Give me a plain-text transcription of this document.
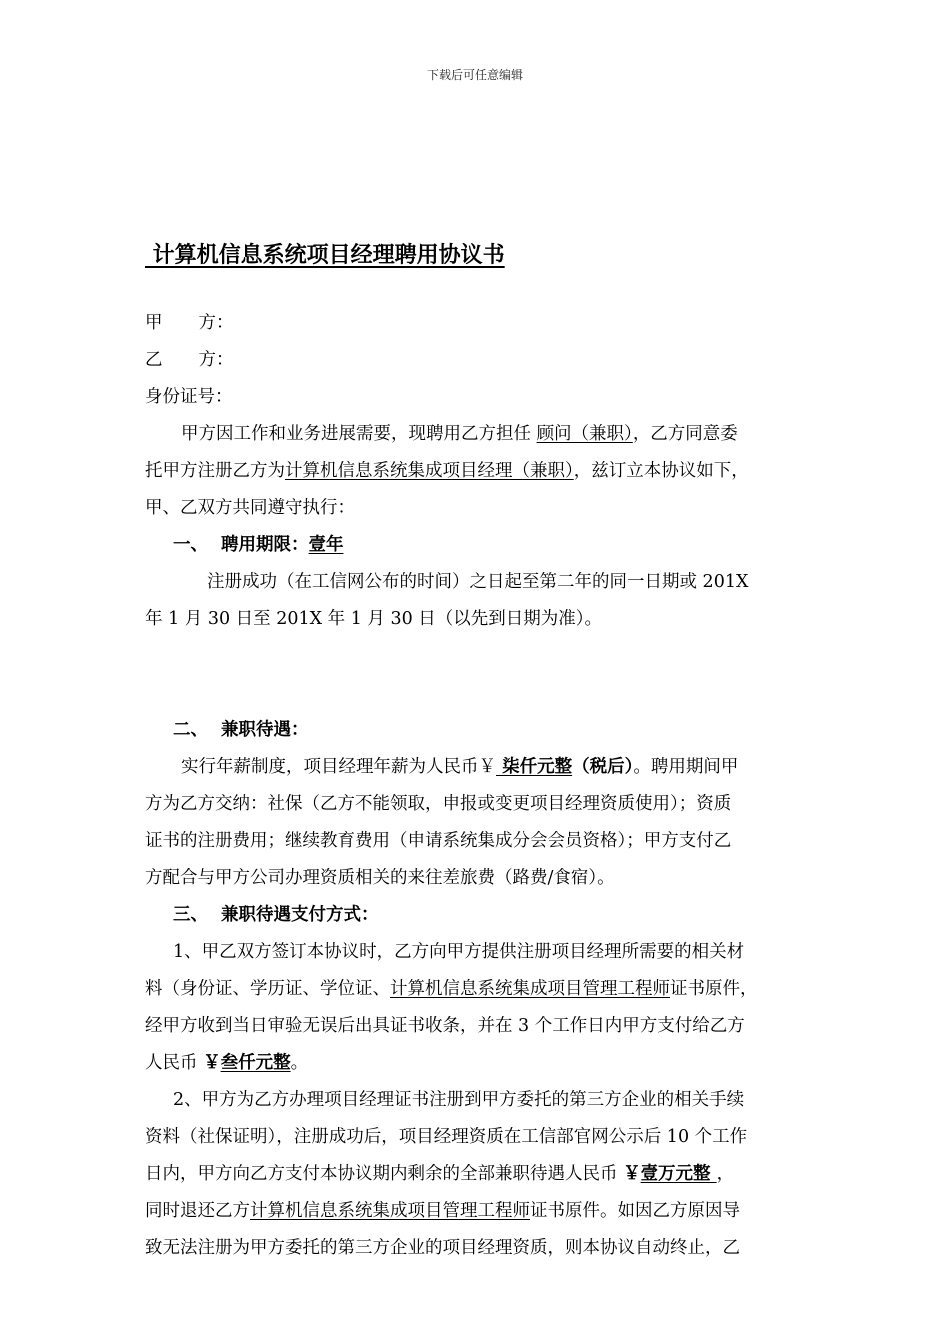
下载后可任意编辑
计算机信息系统项目经理聘用协议书
甲 方：
乙 方：
身份证号：
甲方因工作和业务进展需要，现聘用乙方担任 顾问（兼职），乙方同意委
托甲方注册乙方为计算机信息系统集成项目经理（兼职），兹订立本协议如下，
甲、乙双方共同遵守执行：
一、 聘用期限：壹年
注册成功（在工信网公布的时间）之日起至第二年的同一日期或 201X
年 1 月 30 日至 201X 年 1 月 30 日（以先到日期为准）。
二、 兼职待遇：
实行年薪制度，项目经理年薪为人民币￥ 柒仟元整（税后）。聘用期间甲
方为乙方交纳：社保（乙方不能领取，申报或变更项目经理资质使用）；资质
证书的注册费用；继续教育费用（申请系统集成分会会员资格）；甲方支付乙
方配合与甲方公司办理资质相关的来往差旅费（路费/食宿）。
三、 兼职待遇支付方式：
1、甲乙双方签订本协议时，乙方向甲方提供注册项目经理所需要的相关材
料（身份证、学历证、学位证、计算机信息系统集成项目管理工程师证书原件，
经甲方收到当日审验无误后出具证书收条，并在 3 个工作日内甲方支付给乙方
人民币 ￥叁仟元整。
2、甲方为乙方办理项目经理证书注册到甲方委托的第三方企业的相关手续
资料（社保证明），注册成功后，项目经理资质在工信部官网公示后 10 个工作
日内，甲方向乙方支付本协议期内剩余的全部兼职待遇人民币 ￥壹万元整 ，
同时退还乙方计算机信息系统集成项目管理工程师证书原件。如因乙方原因导
致无法注册为甲方委托的第三方企业的项目经理资质，则本协议自动终止，乙
